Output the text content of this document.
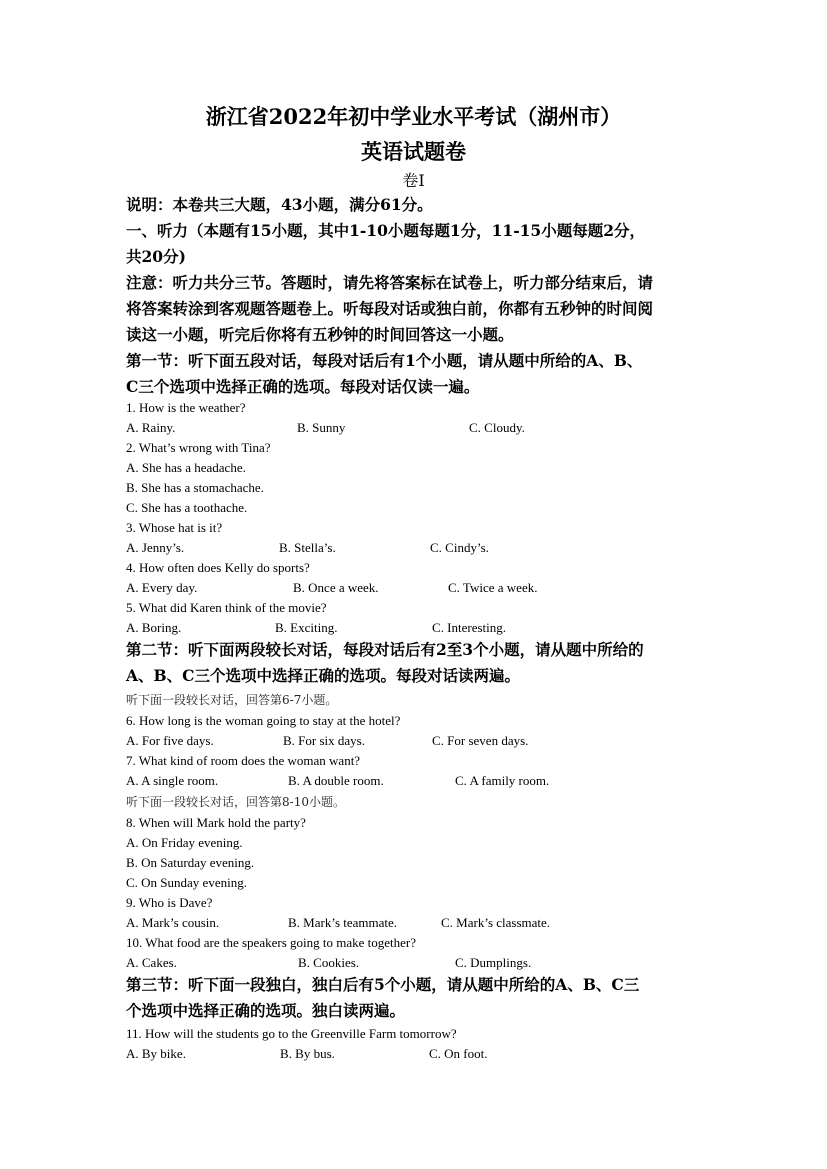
浙江省2022年初中学业水平考试（湖州市）
英语试题卷
卷Ⅰ
说明：本卷共三大题，43小题，满分61分。
一、听力（本题有15小题，其中1-10小题每题1分，11-15小题每题2分，
共20分)
注意：听力共分三节。答题时，请先将答案标在试卷上，听力部分结束后，请
将答案转涂到客观题答题卷上。听每段对话或独白前，你都有五秒钟的时间阅
读这一小题，听完后你将有五秒钟的时间回答这一小题。
第一节：听下面五段对话，每段对话后有1个小题，请从题中所给的A、B、
C三个选项中选择正确的选项。每段对话仅读一遍。
1. How is the weather?
A. Rainy.	B. Sunny	C. Cloudy.
2. What’s wrong with Tina?
A. She has a headache.
B. She has a stomachache.
C. She has a toothache.
3. Whose hat is it?
A. Jenny’s.	B. Stella’s.	C. Cindy’s.
4. How often does Kelly do sports?
A. Every day.	B. Once a week.	C. Twice a week.
5. What did Karen think of the movie?
A. Boring.	B. Exciting.	C. Interesting.
第二节：听下面两段较长对话，每段对话后有2至3个小题，请从题中所给的
A、B、C三个选项中选择正确的选项。每段对话读两遍。
听下面一段较长对话，回答第6-7小题。
6. How long is the woman going to stay at the hotel?
A. For five days.	B. For six days.	C. For seven days.
7. What kind of room does the woman want?
A. A single room.	B. A double room.	C. A family room.
听下面一段较长对话，回答第8-10小题。
8. When will Mark hold the party?
A. On Friday evening.
B. On Saturday evening.
C. On Sunday evening.
9. Who is Dave?
A. Mark’s cousin.	B. Mark’s teammate.	C. Mark’s classmate.
10. What food are the speakers going to make together?
A. Cakes.	B. Cookies.	C. Dumplings.
第三节：听下面一段独白，独白后有5个小题，请从题中所给的A、B、C三
个选项中选择正确的选项。独白读两遍。
11. How will the students go to the Greenville Farm tomorrow?
A. By bike.	B. By bus.	C. On foot.
